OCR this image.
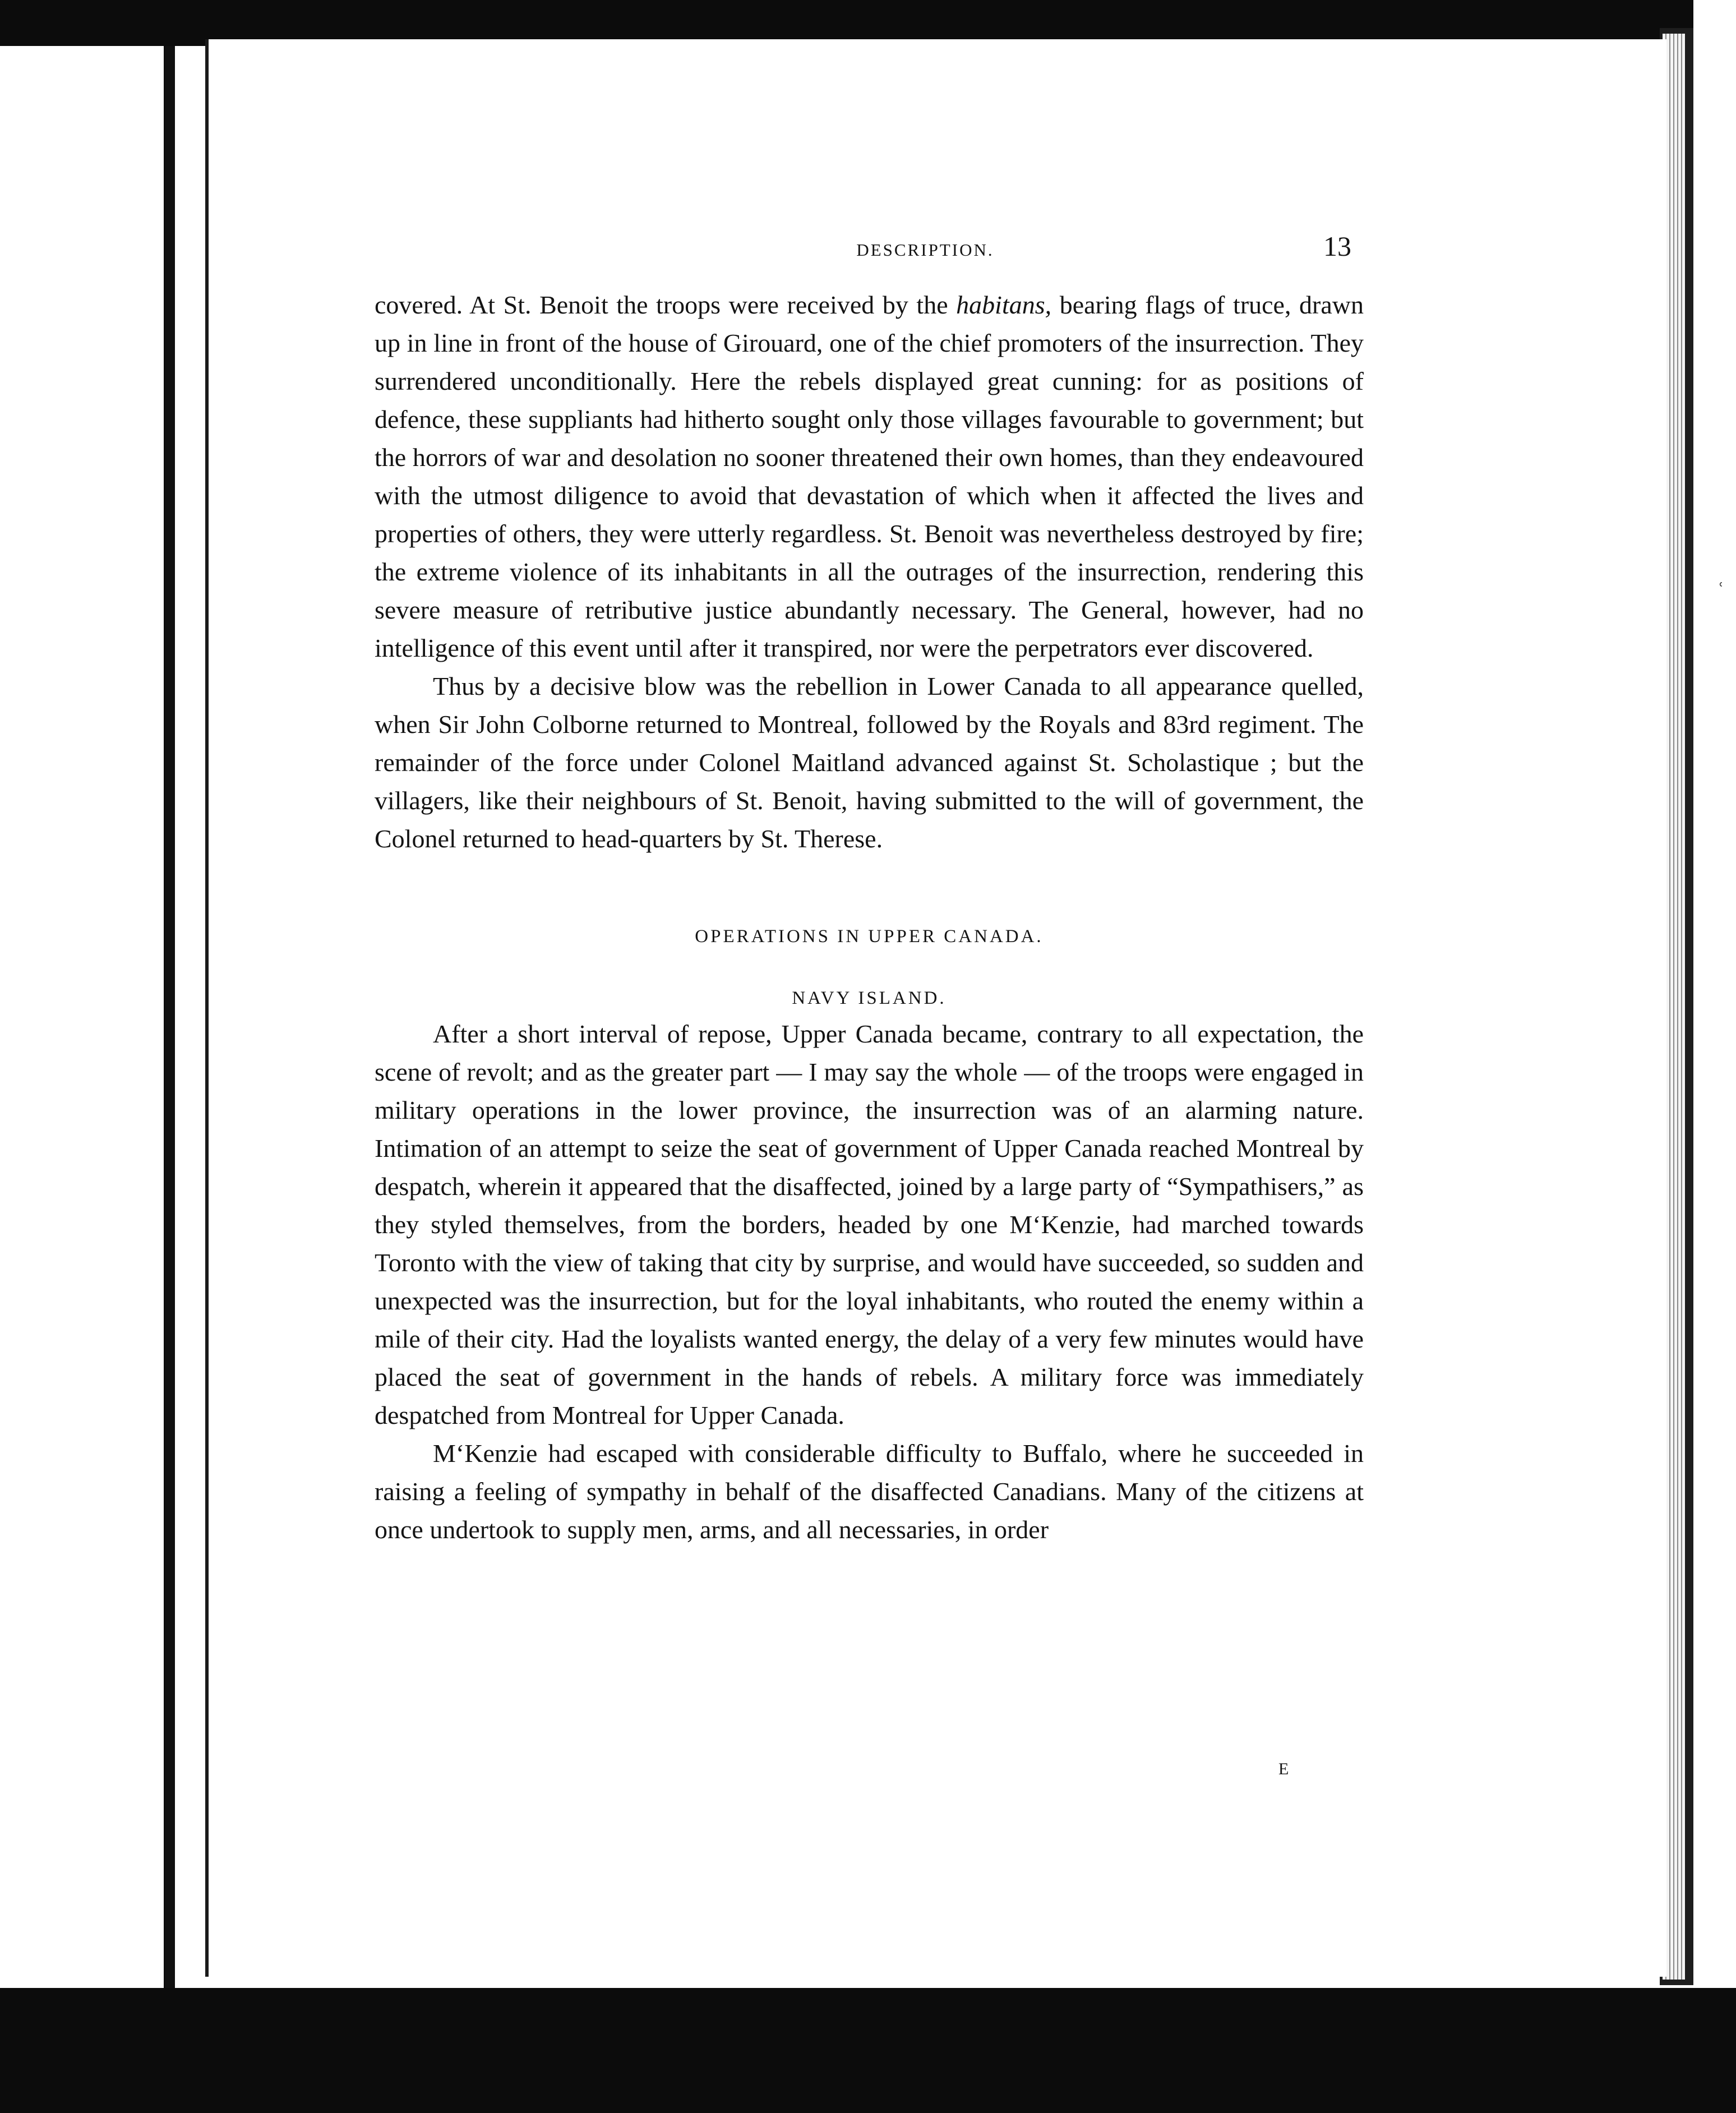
ʿ
DESCRIPTION.	13

covered. At St. Benoit the troops were received by the habitans, bearing flags of truce, drawn up in line in front of the house of Girouard, one of the chief promoters of the insurrection. They surrendered unconditionally. Here the rebels displayed great cunning: for as positions of defence, these suppliants had hitherto sought only those villages favourable to government; but the horrors of war and desolation no sooner threatened their own homes, than they endeavoured with the utmost diligence to avoid that devastation of which when it affected the lives and properties of others, they were utterly regardless. St. Benoit was nevertheless destroyed by fire; the extreme violence of its inhabitants in all the outrages of the insurrection, rendering this severe measure of retributive justice abundantly necessary. The General, however, had no intelligence of this event until after it transpired, nor were the perpetrators ever discovered.

Thus by a decisive blow was the rebellion in Lower Canada to all appearance quelled, when Sir John Colborne returned to Montreal, followed by the Royals and 83rd regiment. The remainder of the force under Colonel Maitland advanced against St. Scholastique ; but the villagers, like their neighbours of St. Benoit, having submitted to the will of government, the Colonel returned to head-quarters by St. Therese.

OPERATIONS IN UPPER CANADA.

NAVY ISLAND.

After a short interval of repose, Upper Canada became, contrary to all expectation, the scene of revolt; and as the greater part — I may say the whole — of the troops were engaged in military operations in the lower province, the insurrection was of an alarming nature. Intimation of an attempt to seize the seat of government of Upper Canada reached Montreal by despatch, wherein it appeared that the disaffected, joined by a large party of “Sympathisers,” as they styled themselves, from the borders, headed by one M‘Kenzie, had marched towards Toronto with the view of taking that city by surprise, and would have succeeded, so sudden and unexpected was the insurrection, but for the loyal inhabitants, who routed the enemy within a mile of their city. Had the loyalists wanted energy, the delay of a very few minutes would have placed the seat of government in the hands of rebels. A military force was immediately despatched from Montreal for Upper Canada.

M‘Kenzie had escaped with considerable difficulty to Buffalo, where he succeeded in raising a feeling of sympathy in behalf of the disaffected Canadians. Many of the citizens at once undertook to supply men, arms, and all necessaries, in order

E
